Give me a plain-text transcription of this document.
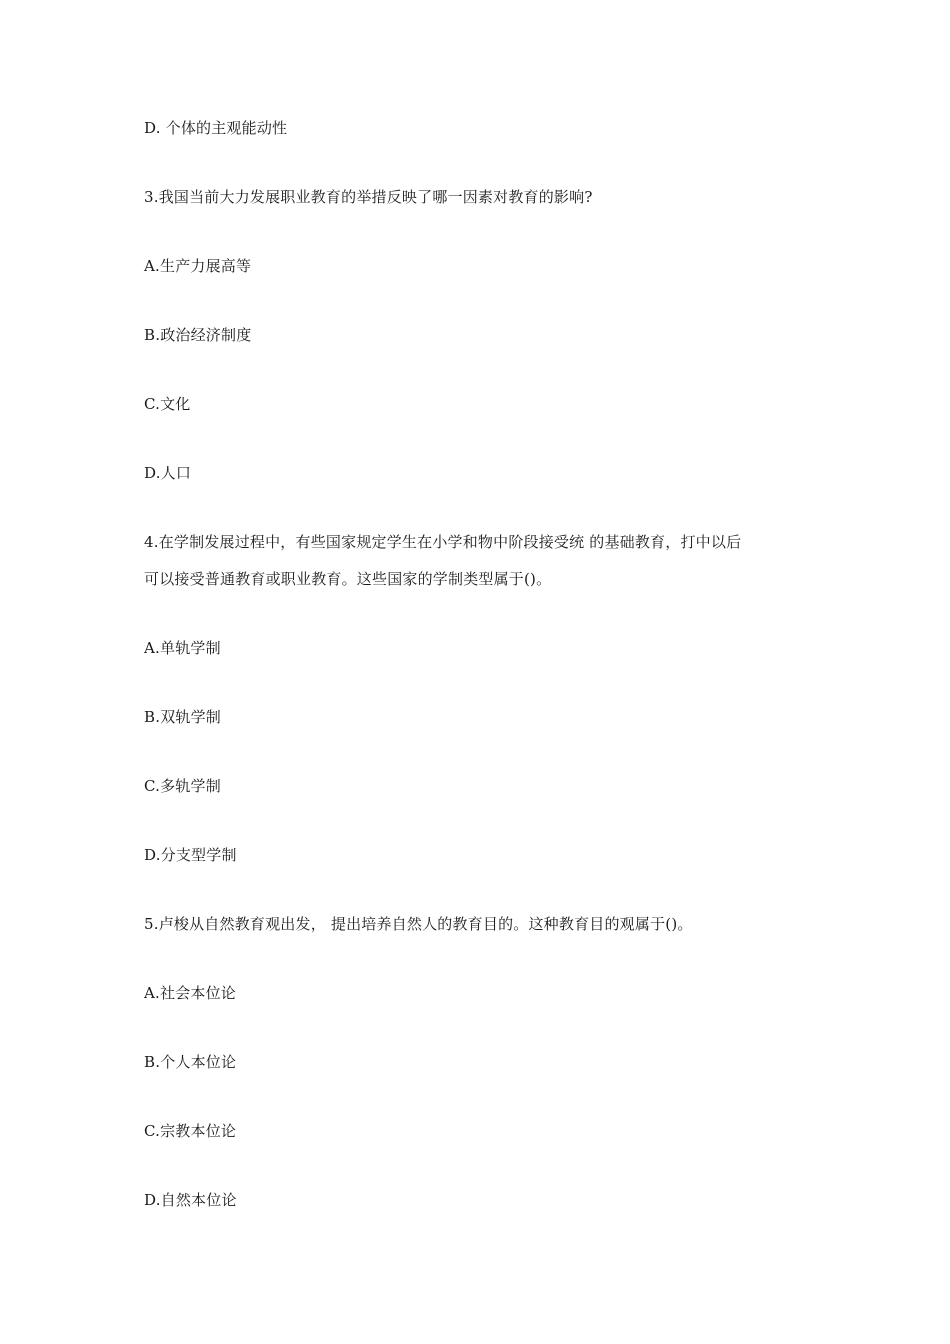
D. 个体的主观能动性
3.我国当前大力发展职业教育的举措反映了哪一因素对教育的影响?
A.生产力展高等
B.政治经济制度
C.文化
D.人口
4.在学制发展过程中，有些国家规定学生在小学和物中阶段接受统 的基础教育，打中以后
可以接受普通教育或职业教育。这些国家的学制类型属于()。
A.单轨学制
B.双轨学制
C.多轨学制
D.分支型学制
5.卢梭从自然教育观出发， 提出培养自然人的教育目的。这种教育目的观属于()。
A.社会本位论
B.个人本位论
C.宗教本位论
D.自然本位论
